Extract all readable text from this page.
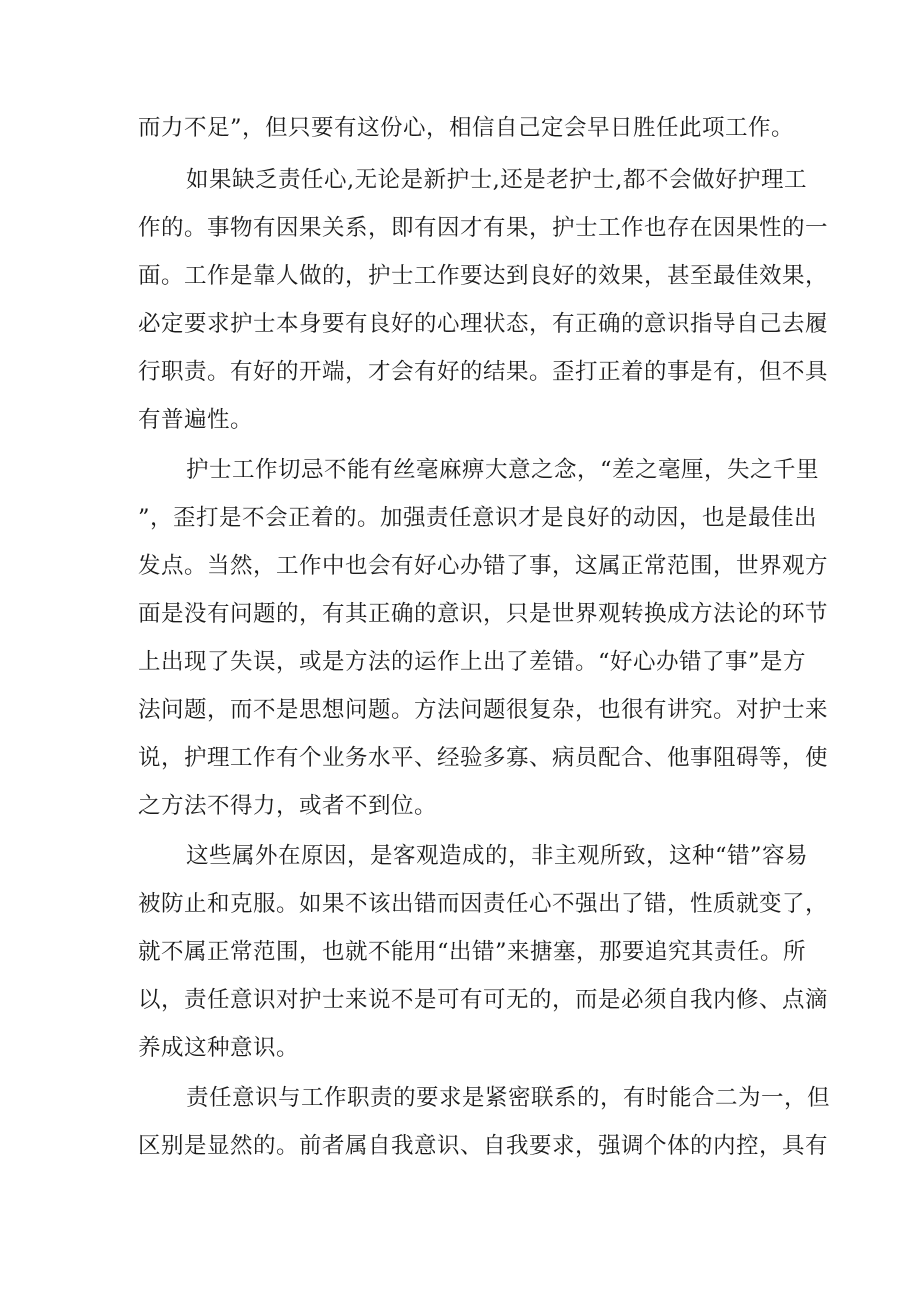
而力不足”，但只要有这份心，相信自己定会早日胜任此项工作。
如果缺乏责任心,无论是新护士,还是老护士,都不会做好护理工
作的。事物有因果关系，即有因才有果，护士工作也存在因果性的一
面。工作是靠人做的，护士工作要达到良好的效果，甚至最佳效果，
必定要求护士本身要有良好的心理状态，有正确的意识指导自己去履
行职责。有好的开端，才会有好的结果。歪打正着的事是有，但不具
有普遍性。
护士工作切忌不能有丝毫麻痹大意之念，“差之毫厘，失之千里
”，歪打是不会正着的。加强责任意识才是良好的动因，也是最佳出
发点。当然，工作中也会有好心办错了事，这属正常范围，世界观方
面是没有问题的，有其正确的意识，只是世界观转换成方法论的环节
上出现了失误，或是方法的运作上出了差错。“好心办错了事”是方
法问题，而不是思想问题。方法问题很复杂，也很有讲究。对护士来
说，护理工作有个业务水平、经验多寡、病员配合、他事阻碍等，使
之方法不得力，或者不到位。
这些属外在原因，是客观造成的，非主观所致，这种“错”容易
被防止和克服。如果不该出错而因责任心不强出了错，性质就变了，
就不属正常范围，也就不能用“出错”来搪塞，那要追究其责任。所
以，责任意识对护士来说不是可有可无的，而是必须自我内修、点滴
养成这种意识。
责任意识与工作职责的要求是紧密联系的，有时能合二为一，但
区别是显然的。前者属自我意识、自我要求，强调个体的内控，具有
